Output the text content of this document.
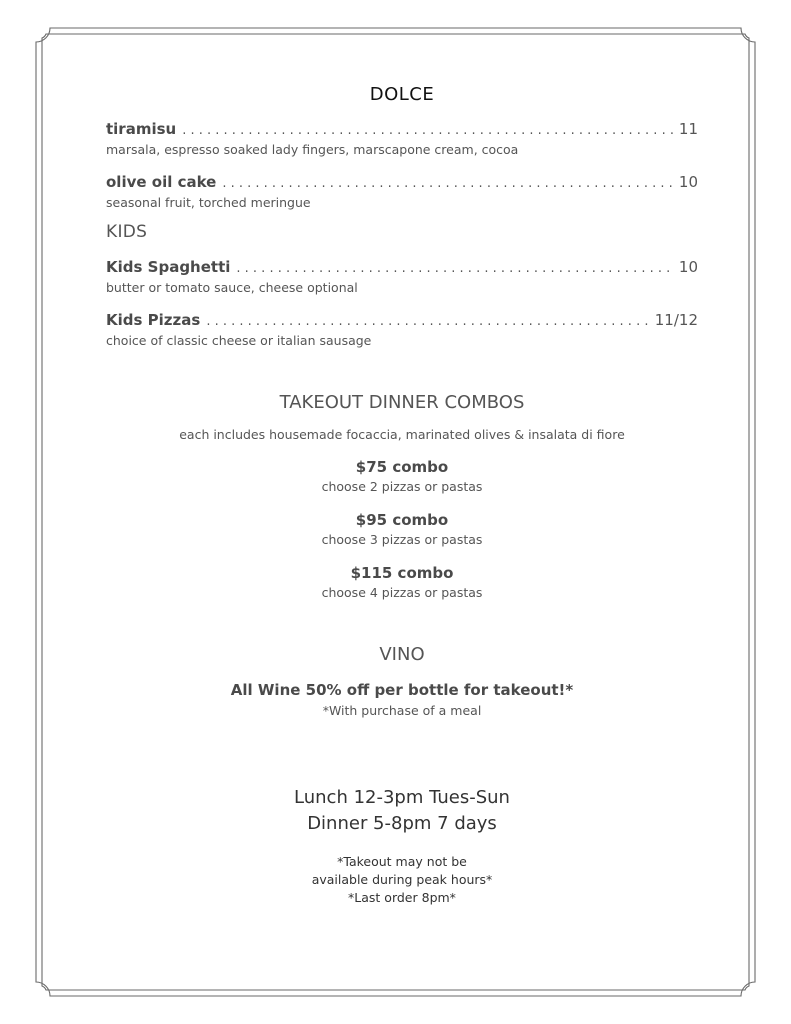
DOLCE
tiramisu . . .	11
marsala, espresso soaked lady fingers, marscapone cream, cocoa
olive oil cake . . .	10
seasonal fruit, torched meringue
KIDS
Kids Spaghetti . . .	10
butter or tomato sauce, cheese optional
Kids Pizzas . . .	11/12
choice of classic cheese or italian sausage
TAKEOUT DINNER COMBOS
each includes housemade focaccia, marinated olives & insalata di fiore
$75 combo
choose 2 pizzas or pastas
$95 combo
choose 3 pizzas or pastas
$115 combo
choose 4 pizzas or pastas
VINO
All Wine 50% off per bottle for takeout!*
*With purchase of a meal
Lunch 12-3pm Tues-Sun
Dinner 5-8pm 7 days
*Takeout may not be
available during peak hours*
*Last order 8pm*
